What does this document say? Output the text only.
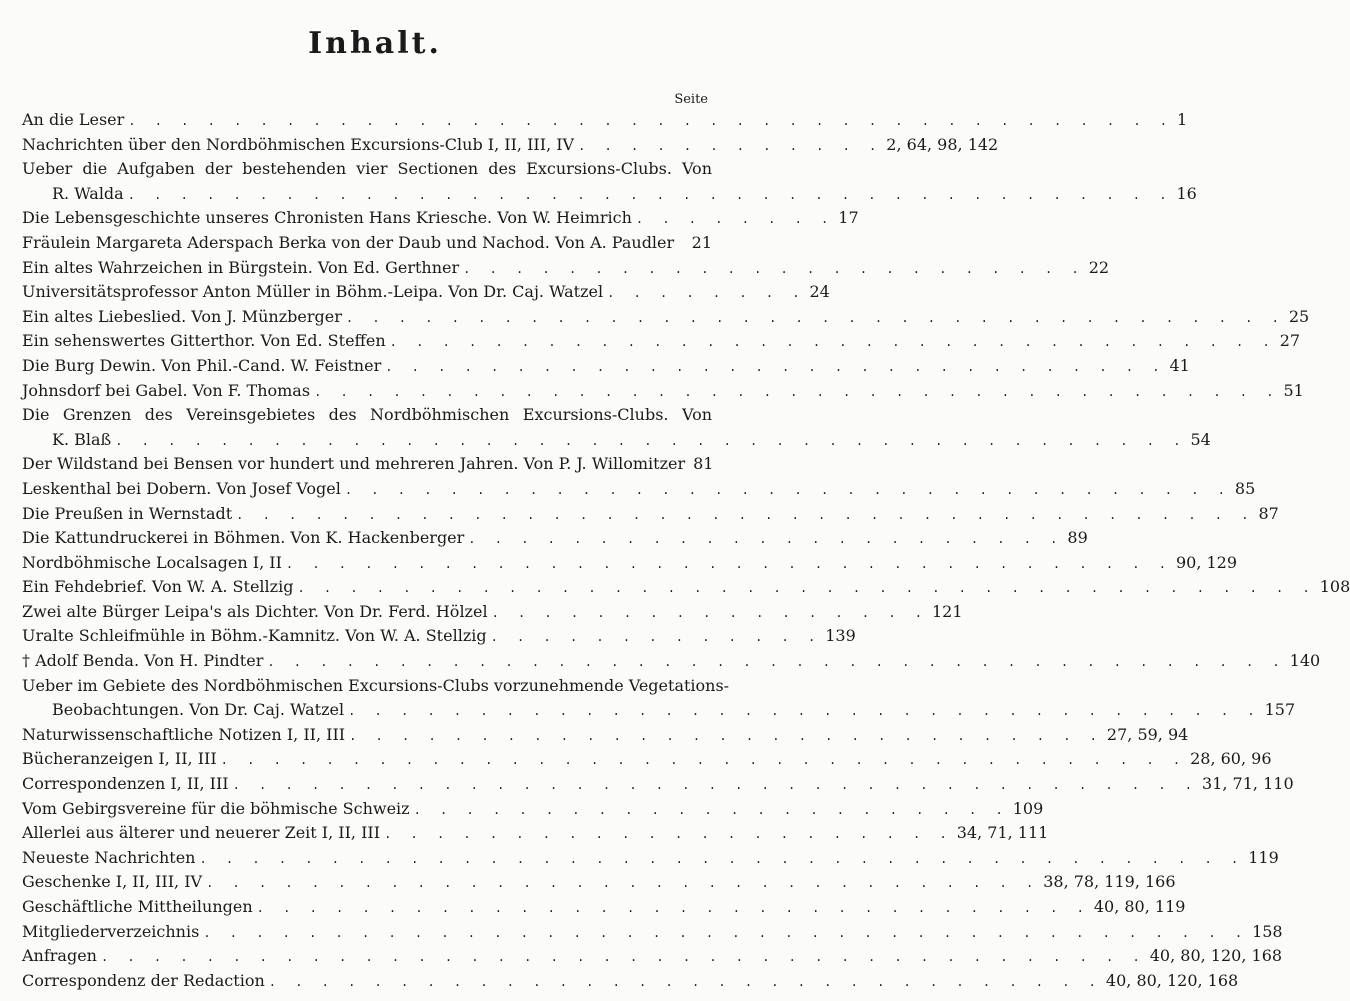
Inhalt.
Seite
An die Leser . . . . . . . . . . . . . . . . . . . . . . . . . . . . . . . . . . . . . . . . 1
Nachrichten über den Nordböhmischen Excursions-Club I, II, III, IV . . . . . . . . . . . . 2, 64, 98, 142
Ueber die Aufgaben der bestehenden vier Sectionen des Excursions-Clubs. Von
R. Walda . . . . . . . . . . . . . . . . . . . . . . . . . . . . . . . . . . . . . . . . 16
Die Lebensgeschichte unseres Chronisten Hans Kriesche. Von W. Heimrich . . . . . . . . 17
Fräulein Margareta Aderspach Berka von der Daub und Nachod. Von A. Paudler 21
Ein altes Wahrzeichen in Bürgstein. Von Ed. Gerthner . . . . . . . . . . . . . . . . . . . . . . . . 22
Universitätsprofessor Anton Müller in Böhm.-Leipa. Von Dr. Caj. Watzel . . . . . . . . 24
Ein altes Liebeslied. Von J. Münzberger . . . . . . . . . . . . . . . . . . . . . . . . . . . . . . . . . . . . 25
Ein sehenswertes Gitterthor. Von Ed. Steffen . . . . . . . . . . . . . . . . . . . . . . . . . . . . . . . . . . 27
Die Burg Dewin. Von Phil.-Cand. W. Feistner . . . . . . . . . . . . . . . . . . . . . . . . . . . . . . 41
Johnsdorf bei Gabel. Von F. Thomas . . . . . . . . . . . . . . . . . . . . . . . . . . . . . . . . . . . . . 51
Die Grenzen des Vereinsgebietes des Nordböhmischen Excursions-Clubs. Von
K. Blaß . . . . . . . . . . . . . . . . . . . . . . . . . . . . . . . . . . . . . . . . . 54
Der Wildstand bei Bensen vor hundert und mehreren Jahren. Von P. J. Willomitzer 81
Leskenthal bei Dobern. Von Josef Vogel . . . . . . . . . . . . . . . . . . . . . . . . . . . . . . . . . . 85
Die Preußen in Wernstadt . . . . . . . . . . . . . . . . . . . . . . . . . . . . . . . . . . . . . . . 87
Die Kattundruckerei in Böhmen. Von K. Hackenberger . . . . . . . . . . . . . . . . . . . . . . . 89
Nordböhmische Localsagen I, II . . . . . . . . . . . . . . . . . . . . . . . . . . . . . . . . . . 90, 129
Ein Fehdebrief. Von W. A. Stellzig . . . . . . . . . . . . . . . . . . . . . . . . . . . . . . . . . . . . . . . 108
Zwei alte Bürger Leipa's als Dichter. Von Dr. Ferd. Hölzel . . . . . . . . . . . . . . . . . 121
Uralte Schleifmühle in Böhm.-Kamnitz. Von W. A. Stellzig . . . . . . . . . . . . . 139
† Adolf Benda. Von H. Pindter . . . . . . . . . . . . . . . . . . . . . . . . . . . . . . . . . . . . . . . 140
Ueber im Gebiete des Nordböhmischen Excursions-Clubs vorzunehmende Vegetations-
Beobachtungen. Von Dr. Caj. Watzel . . . . . . . . . . . . . . . . . . . . . . . . . . . . . . . . . . . 157
Naturwissenschaftliche Notizen I, II, III . . . . . . . . . . . . . . . . . . . . . . . . . . . . . 27, 59, 94
Bücheranzeigen I, II, III . . . . . . . . . . . . . . . . . . . . . . . . . . . . . . . . . . . . . 28, 60, 96
Correspondenzen I, II, III . . . . . . . . . . . . . . . . . . . . . . . . . . . . . . . . . . . . . 31, 71, 110
Vom Gebirgsvereine für die böhmische Schweiz . . . . . . . . . . . . . . . . . . . . . . . 109
Allerlei aus älterer und neuerer Zeit I, II, III . . . . . . . . . . . . . . . . . . . . . . 34, 71, 111
Neueste Nachrichten . . . . . . . . . . . . . . . . . . . . . . . . . . . . . . . . . . . . . . . . 119
Geschenke I, II, III, IV . . . . . . . . . . . . . . . . . . . . . . . . . . . . . . . . 38, 78, 119, 166
Geschäftliche Mittheilungen . . . . . . . . . . . . . . . . . . . . . . . . . . . . . . . . 40, 80, 119
Mitgliederverzeichnis . . . . . . . . . . . . . . . . . . . . . . . . . . . . . . . . . . . . . . . . 158
Anfragen . . . . . . . . . . . . . . . . . . . . . . . . . . . . . . . . . . . . . . . . 40, 80, 120, 168
Correspondenz der Redaction . . . . . . . . . . . . . . . . . . . . . . . . . . . . . . . . 40, 80, 120, 168
